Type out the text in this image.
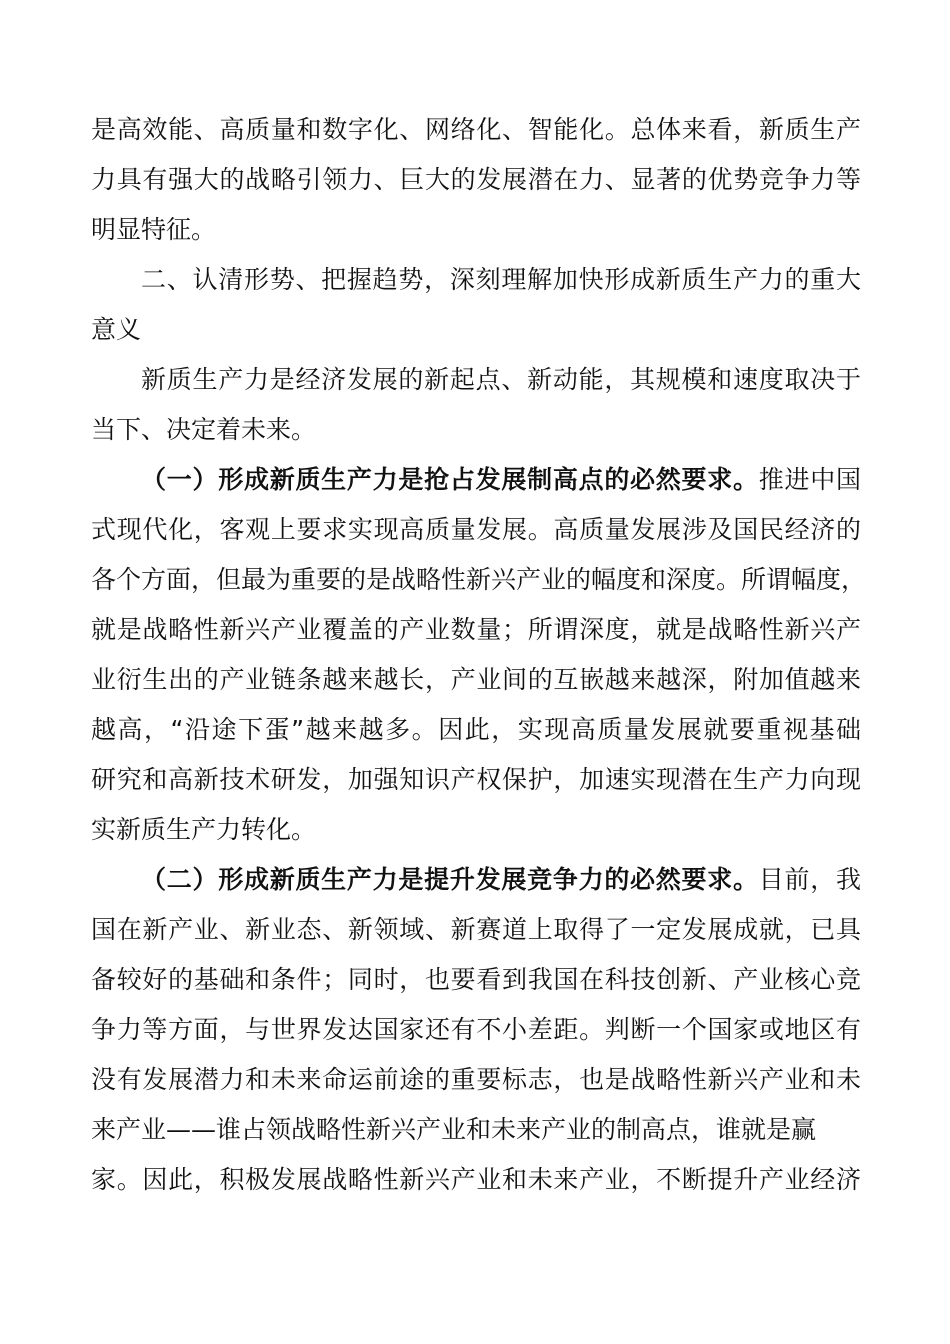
是高效能、高质量和数字化、网络化、智能化。总体来看，新质生产
力具有强大的战略引领力、巨大的发展潜在力、显著的优势竞争力等
明显特征。
二、认清形势、把握趋势，深刻理解加快形成新质生产力的重大
意义
新质生产力是经济发展的新起点、新动能，其规模和速度取决于
当下、决定着未来。
（一）形成新质生产力是抢占发展制高点的必然要求。推进中国
式现代化，客观上要求实现高质量发展。高质量发展涉及国民经济的
各个方面，但最为重要的是战略性新兴产业的幅度和深度。所谓幅度，
就是战略性新兴产业覆盖的产业数量；所谓深度，就是战略性新兴产
业衍生出的产业链条越来越长，产业间的互嵌越来越深，附加值越来
越高，“沿途下蛋”越来越多。因此，实现高质量发展就要重视基础
研究和高新技术研发，加强知识产权保护，加速实现潜在生产力向现
实新质生产力转化。
（二）形成新质生产力是提升发展竞争力的必然要求。目前，我
国在新产业、新业态、新领域、新赛道上取得了一定发展成就，已具
备较好的基础和条件；同时，也要看到我国在科技创新、产业核心竞
争力等方面，与世界发达国家还有不小差距。判断一个国家或地区有
没有发展潜力和未来命运前途的重要标志，也是战略性新兴产业和未
来产业——谁占领战略性新兴产业和未来产业的制高点，谁就是赢
家。因此，积极发展战略性新兴产业和未来产业，不断提升产业经济
